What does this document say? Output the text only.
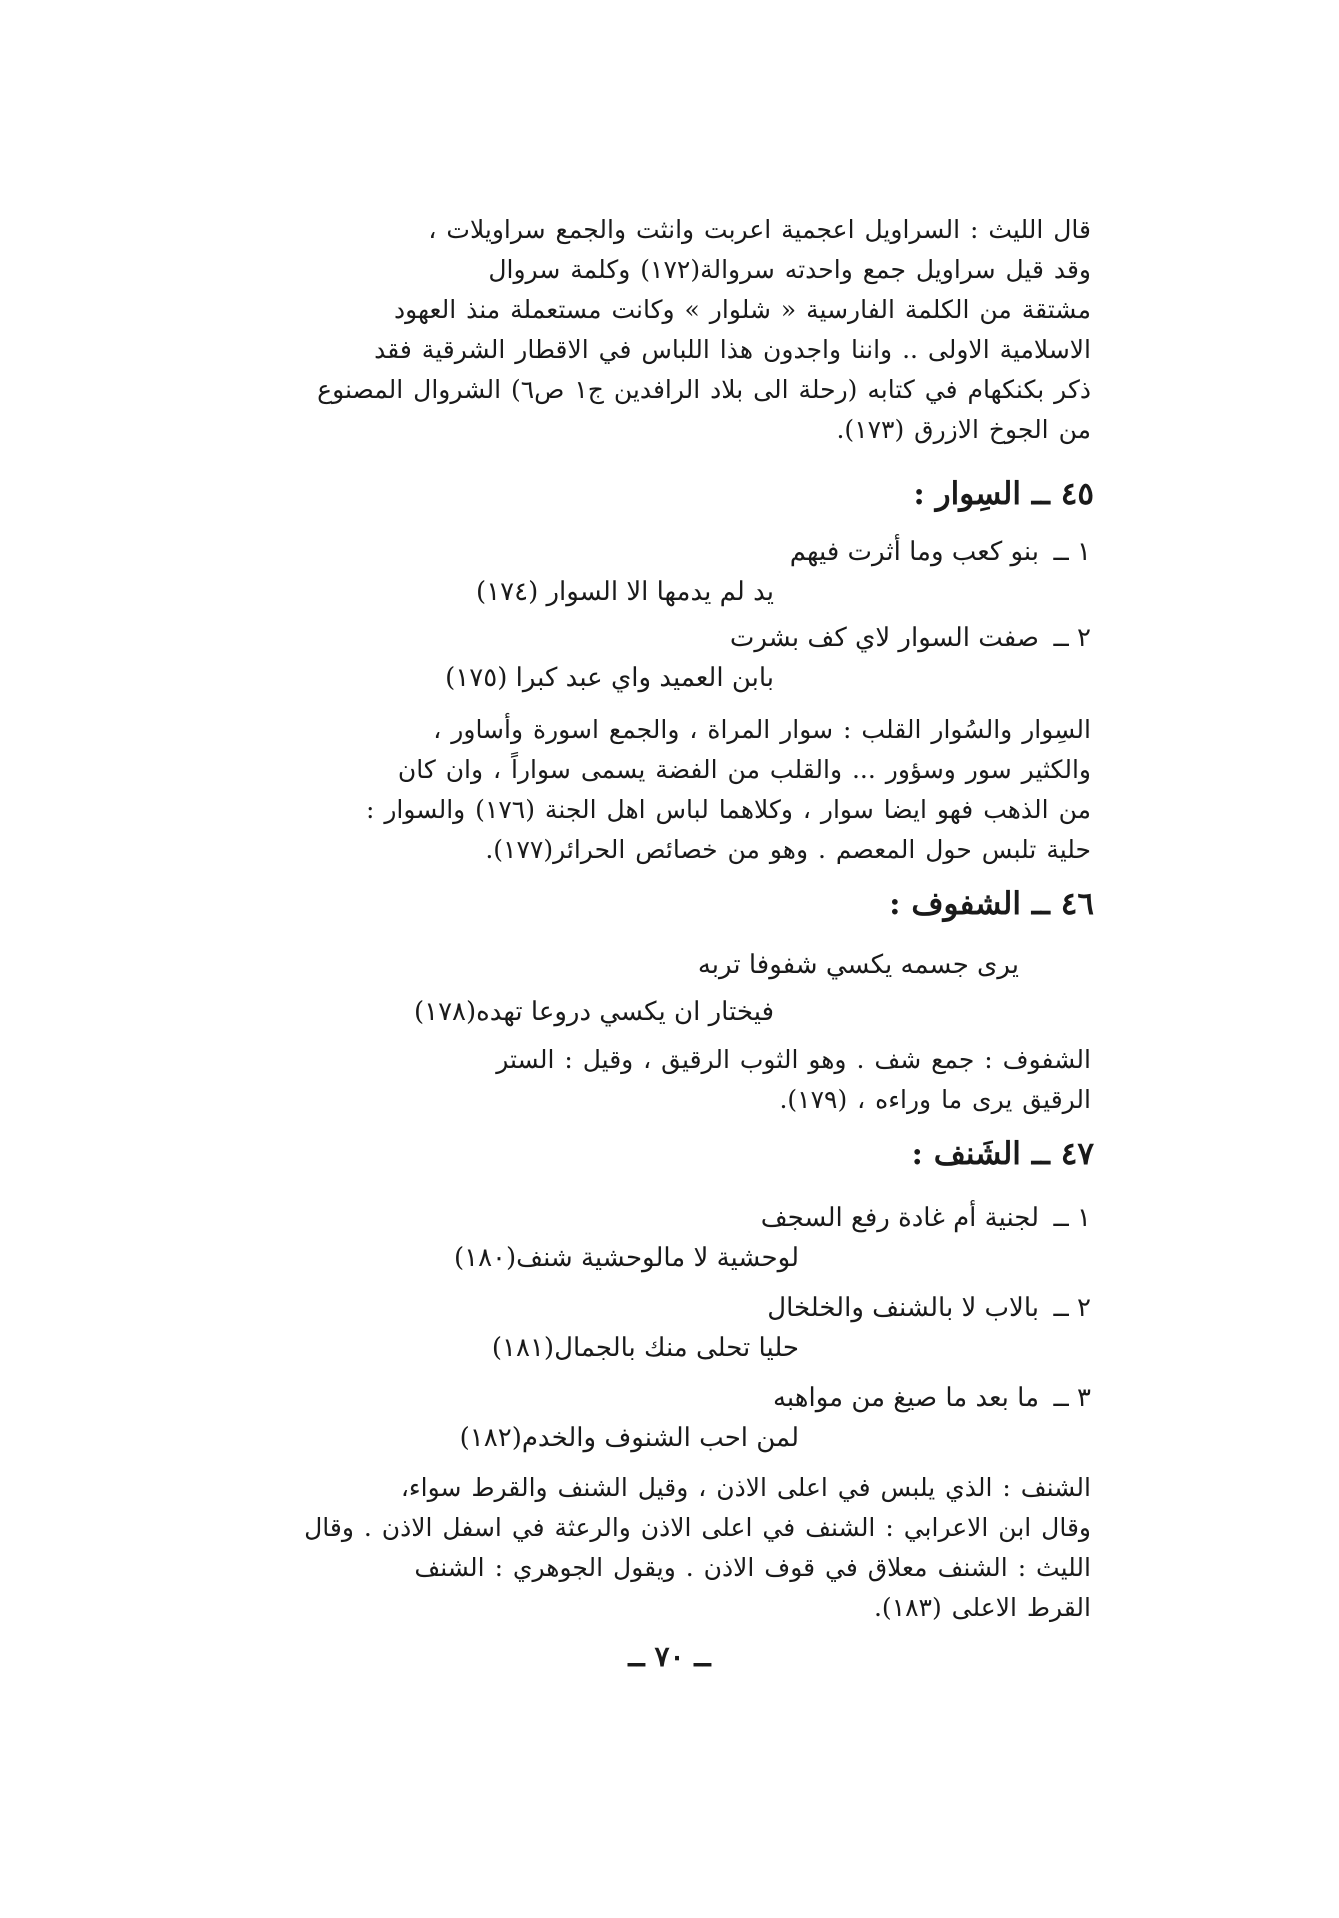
قال الليث : السراويل اعجمية اعربت وانثت والجمع سراويلات ،

وقد قيل سراويل جمع واحدته سروالة(١٧٢) وكلمة سروال

مشتقة من الكلمة الفارسية « شلوار » وكانت مستعملة منذ العهود

الاسلامية الاولى .. واننا واجدون هذا اللباس في الاقطار الشرقية فقد

ذكر بكنكهام في كتابه (رحلة الى بلاد الرافدين ج١ ص٦) الشروال المصنوع

من الجوخ الازرق (١٧٣).

٤٥ ــ السِوار :
١ ــ
بنو كعب وما أثرت فيهم
يد لم يدمها الا السوار (١٧٤)
٢ ــ
صفت السوار لاي كف بشرت
بابن العميد واي عبد كبرا (١٧٥)

السِوار والسُوار القلب : سوار المراة ، والجمع اسورة وأساور ،

والكثير سور وسؤور ... والقلب من الفضة يسمى سواراً ، وان كان

من الذهب فهو ايضا سوار ، وكلاهما لباس اهل الجنة (١٧٦) والسوار :

حلية تلبس حول المعصم . وهو من خصائص الحرائر(١٧٧).

٤٦ ــ الشفوف :
يرى جسمه يكسي شفوفا تربه
فيختار ان يكسي دروعا تهده(١٧٨)

الشفوف : جمع شف . وهو الثوب الرقيق ، وقيل : الستر

الرقيق يرى ما وراءه ، (١٧٩).

٤٧ ــ الشَنف :
١ ــ
لجنية أم غادة رفع السجف
لوحشية لا مالوحشية شنف(١٨٠)
٢ ــ
بالاب لا بالشنف والخلخال
حليا تحلى منك بالجمال(١٨١)
٣ ــ
ما بعد ما صيغ من مواهبه
لمن احب الشنوف والخدم(١٨٢)

الشنف : الذي يلبس في اعلى الاذن ، وقيل الشنف والقرط سواء،

وقال ابن الاعرابي : الشنف في اعلى الاذن والرعثة في اسفل الاذن . وقال

الليث : الشنف معلاق في قوف الاذن . ويقول الجوهري : الشنف

القرط الاعلى (١٨٣).

ــ ٧٠ ــ
